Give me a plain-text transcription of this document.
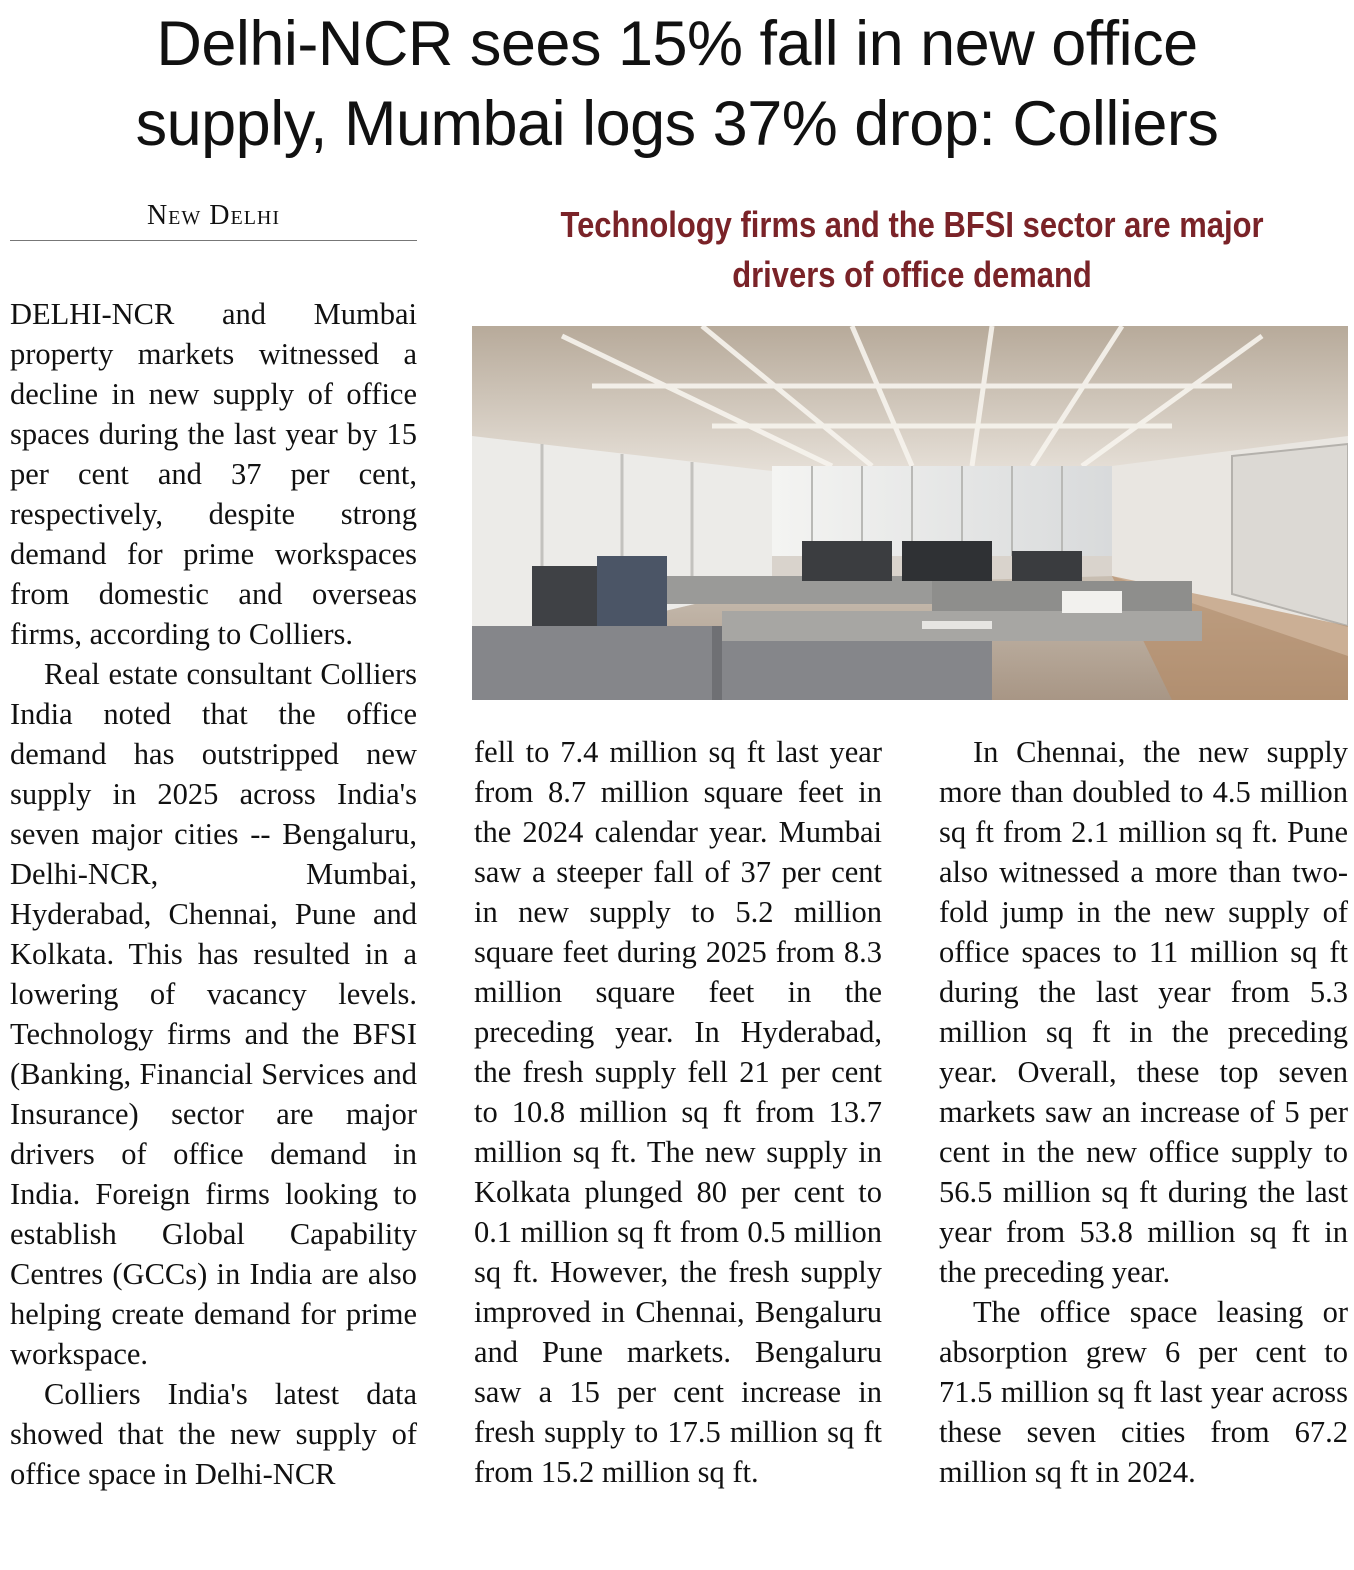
Delhi-NCR sees 15% fall in new office
supply, Mumbai logs 37% drop: Colliers
New Delhi	Technology firms and the BFSI sector are major
drivers of office demand

DELHI-NCR and Mumbai property markets witnessed a decline in new supply of office spaces during the last year by 15 per cent and 37 per cent, respectively, despite strong demand for prime workspaces from domestic and overseas firms, according to Colliers.

Real estate consultant Colliers India noted that the office demand has outstripped new supply in 2025 across India's seven major cities -- Bengaluru, Delhi-NCR, Mumbai, Hyderabad, Chennai, Pune and Kolkata. This has resulted in a lowering of vacancy levels. Technology firms and the BFSI (Banking, Financial Services and Insurance) sector are major drivers of office demand in India. Foreign firms looking to establish Global Capability Centres (GCCs) in India are also helping create demand for prime workspace.

Colliers India's latest data showed that the new supply of office space in Delhi-NCR

fell to 7.4 million sq ft last year from 8.7 million square feet in the 2024 calendar year. Mumbai saw a steeper fall of 37 per cent in new supply to 5.2 million square feet during 2025 from 8.3 million square feet in the preceding year. In Hyderabad, the fresh supply fell 21 per cent to 10.8 million sq ft from 13.7 million sq ft. The new supply in Kolkata plunged 80 per cent to 0.1 million sq ft from 0.5 million sq ft. However, the fresh supply improved in Chennai, Bengaluru and Pune markets. Bengaluru saw a 15 per cent increase in fresh supply to 17.5 million sq ft from 15.2 million sq ft.

In Chennai, the new supply more than doubled to 4.5 million sq ft from 2.1 million sq ft. Pune also witnessed a more than two-fold jump in the new supply of office spaces to 11 million sq ft during the last year from 5.3 million sq ft in the preceding year. Overall, these top seven markets saw an increase of 5 per cent in the new office supply to 56.5 million sq ft during the last year from 53.8 million sq ft in the preceding year.

The office space leasing or absorption grew 6 per cent to 71.5 million sq ft last year across these seven cities from 67.2 million sq ft in 2024.
